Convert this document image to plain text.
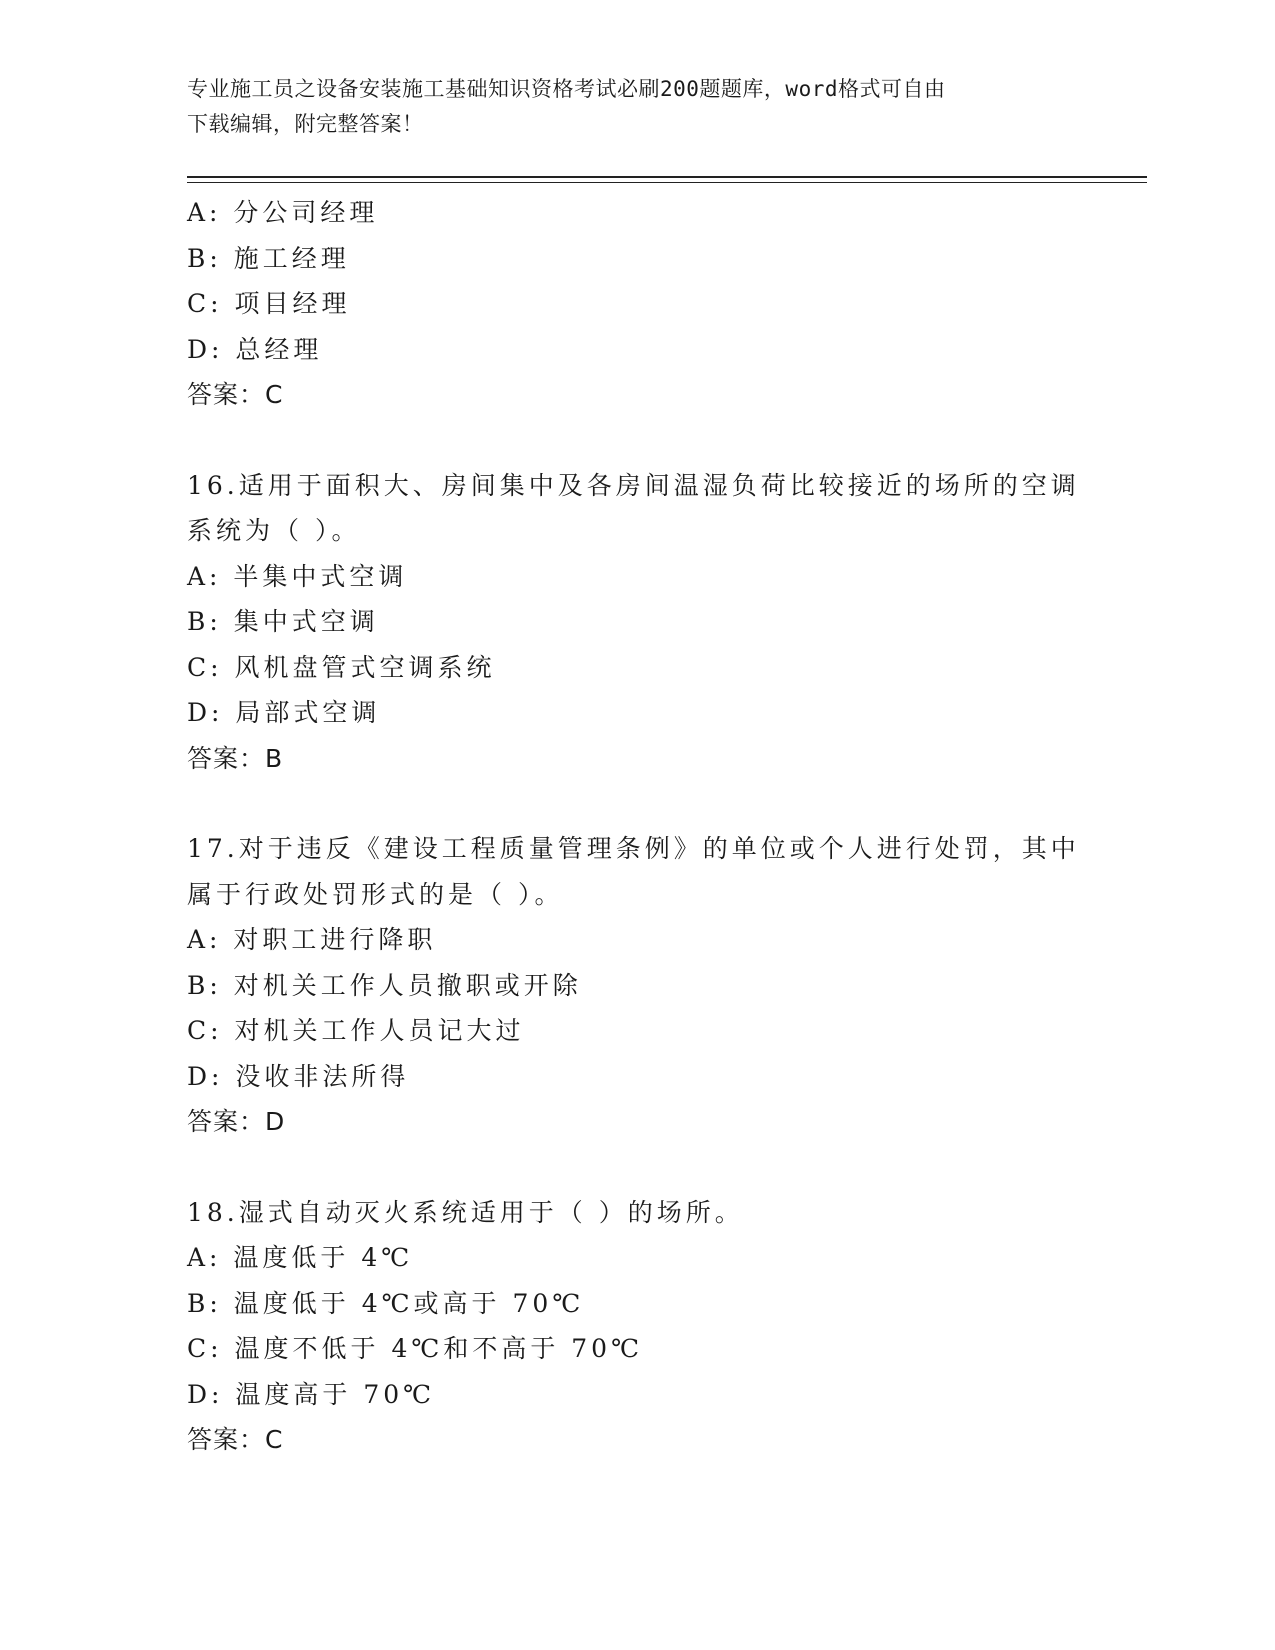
专业施工员之设备安装施工基础知识资格考试必刷200题题库，word格式可自由
下载编辑，附完整答案！
A: 分公司经理
B: 施工经理
C: 项目经理
D: 总经理
答案：C
16.适用于面积大、房间集中及各房间温湿负荷比较接近的场所的空调
系统为（ ）。
A: 半集中式空调
B: 集中式空调
C: 风机盘管式空调系统
D: 局部式空调
答案：B
17.对于违反《建设工程质量管理条例》的单位或个人进行处罚，其中
属于行政处罚形式的是（ ）。
A: 对职工进行降职
B: 对机关工作人员撤职或开除
C: 对机关工作人员记大过
D: 没收非法所得
答案：D
18.湿式自动灭火系统适用于（ ）的场所。
A: 温度低于 4℃
B: 温度低于 4℃或高于 70℃
C: 温度不低于 4℃和不高于 70℃
D: 温度高于 70℃
答案：C
